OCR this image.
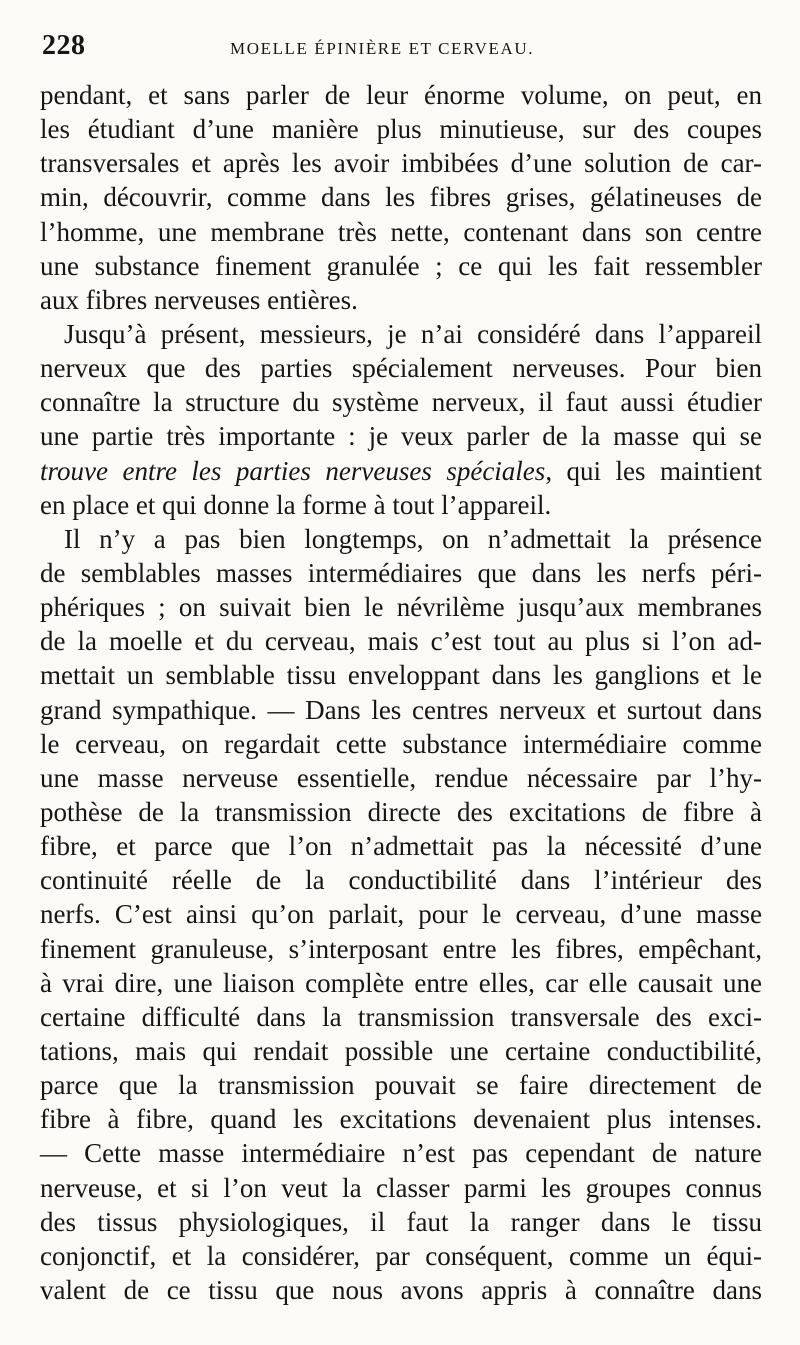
228	MOELLE ÉPINIÈRE ET CERVEAU.
pendant, et sans parler de leur énorme volume, on peut, en
les étudiant d’une manière plus minutieuse, sur des coupes
transversales et après les avoir imbibées d’une solution de car-
min, découvrir, comme dans les fibres grises, gélatineuses de
l’homme, une membrane très nette, contenant dans son centre
une substance finement granulée ; ce qui les fait ressembler
aux fibres nerveuses entières.
Jusqu’à présent, messieurs, je n’ai considéré dans l’appareil
nerveux que des parties spécialement nerveuses. Pour bien
connaître la structure du système nerveux, il faut aussi étudier
une partie très importante : je veux parler de la masse qui se
trouve entre les parties nerveuses spéciales, qui les maintient
en place et qui donne la forme à tout l’appareil.
Il n’y a pas bien longtemps, on n’admettait la présence
de semblables masses intermédiaires que dans les nerfs péri-
phériques ; on suivait bien le névrilème jusqu’aux membranes
de la moelle et du cerveau, mais c’est tout au plus si l’on ad-
mettait un semblable tissu enveloppant dans les ganglions et le
grand sympathique. — Dans les centres nerveux et surtout dans
le cerveau, on regardait cette substance intermédiaire comme
une masse nerveuse essentielle, rendue nécessaire par l’hy-
pothèse de la transmission directe des excitations de fibre à
fibre, et parce que l’on n’admettait pas la nécessité d’une
continuité réelle de la conductibilité dans l’intérieur des
nerfs. C’est ainsi qu’on parlait, pour le cerveau, d’une masse
finement granuleuse, s’interposant entre les fibres, empêchant,
à vrai dire, une liaison complète entre elles, car elle causait une
certaine difficulté dans la transmission transversale des exci-
tations, mais qui rendait possible une certaine conductibilité,
parce que la transmission pouvait se faire directement de
fibre à fibre, quand les excitations devenaient plus intenses.
— Cette masse intermédiaire n’est pas cependant de nature
nerveuse, et si l’on veut la classer parmi les groupes connus
des tissus physiologiques, il faut la ranger dans le tissu
conjonctif, et la considérer, par conséquent, comme un équi-
valent de ce tissu que nous avons appris à connaître dans
